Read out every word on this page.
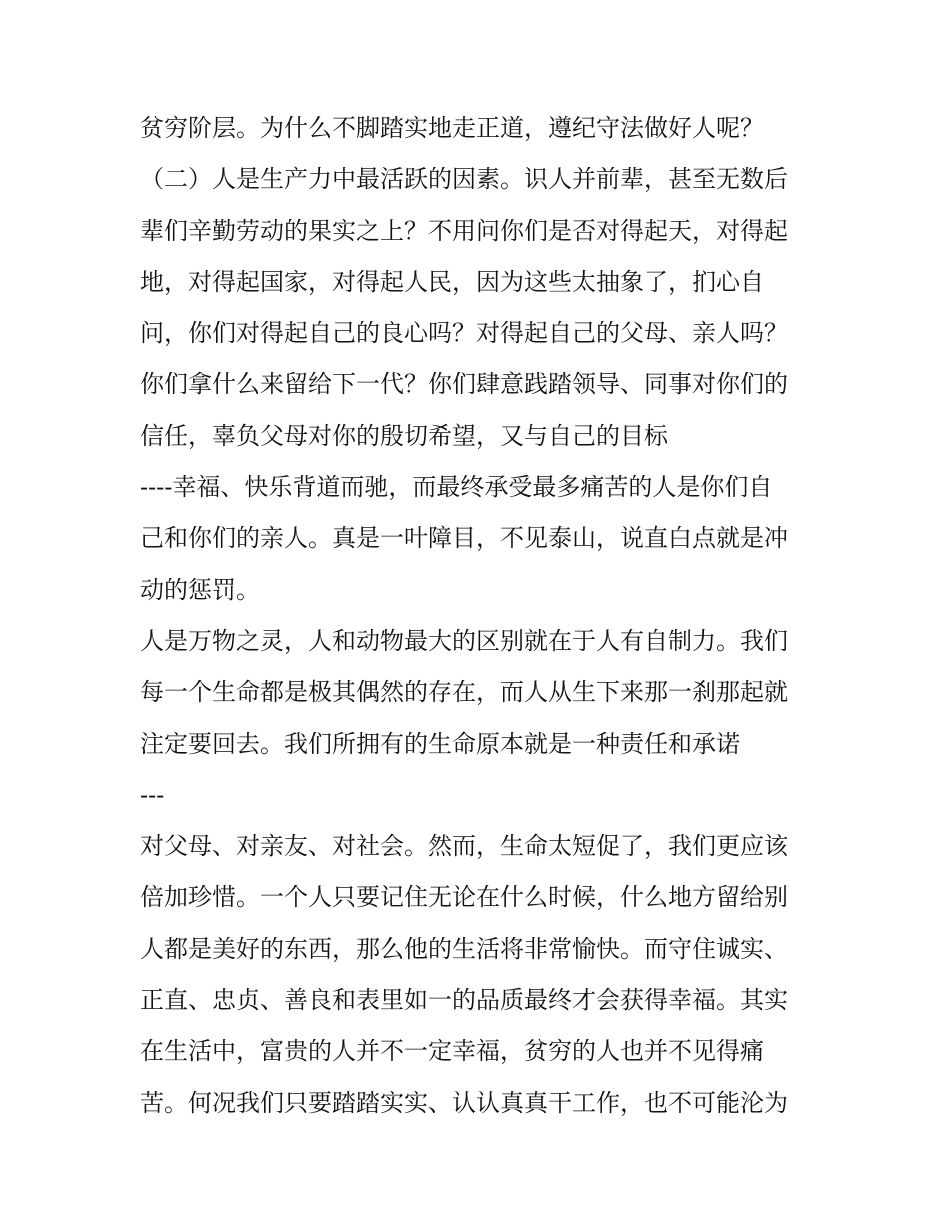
贫穷阶层。为什么不脚踏实地走正道，遵纪守法做好人呢？
（二）人是生产力中最活跃的因素。识人并前辈，甚至无数后
辈们辛勤劳动的果实之上？不用问你们是否对得起天，对得起
地，对得起国家，对得起人民，因为这些太抽象了，扪心自
问，你们对得起自己的良心吗？对得起自己的父母、亲人吗？
你们拿什么来留给下一代？你们肆意践踏领导、同事对你们的
信任，辜负父母对你的殷切希望，又与自己的目标
----幸福、快乐背道而驰，而最终承受最多痛苦的人是你们自
己和你们的亲人。真是一叶障目，不见泰山，说直白点就是冲
动的惩罚。
人是万物之灵，人和动物最大的区别就在于人有自制力。我们
每一个生命都是极其偶然的存在，而人从生下来那一刹那起就
注定要回去。我们所拥有的生命原本就是一种责任和承诺
---
对父母、对亲友、对社会。然而，生命太短促了，我们更应该
倍加珍惜。一个人只要记住无论在什么时候，什么地方留给别
人都是美好的东西，那么他的生活将非常愉快。而守住诚实、
正直、忠贞、善良和表里如一的品质最终才会获得幸福。其实
在生活中，富贵的人并不一定幸福，贫穷的人也并不见得痛
苦。何况我们只要踏踏实实、认认真真干工作，也不可能沦为
